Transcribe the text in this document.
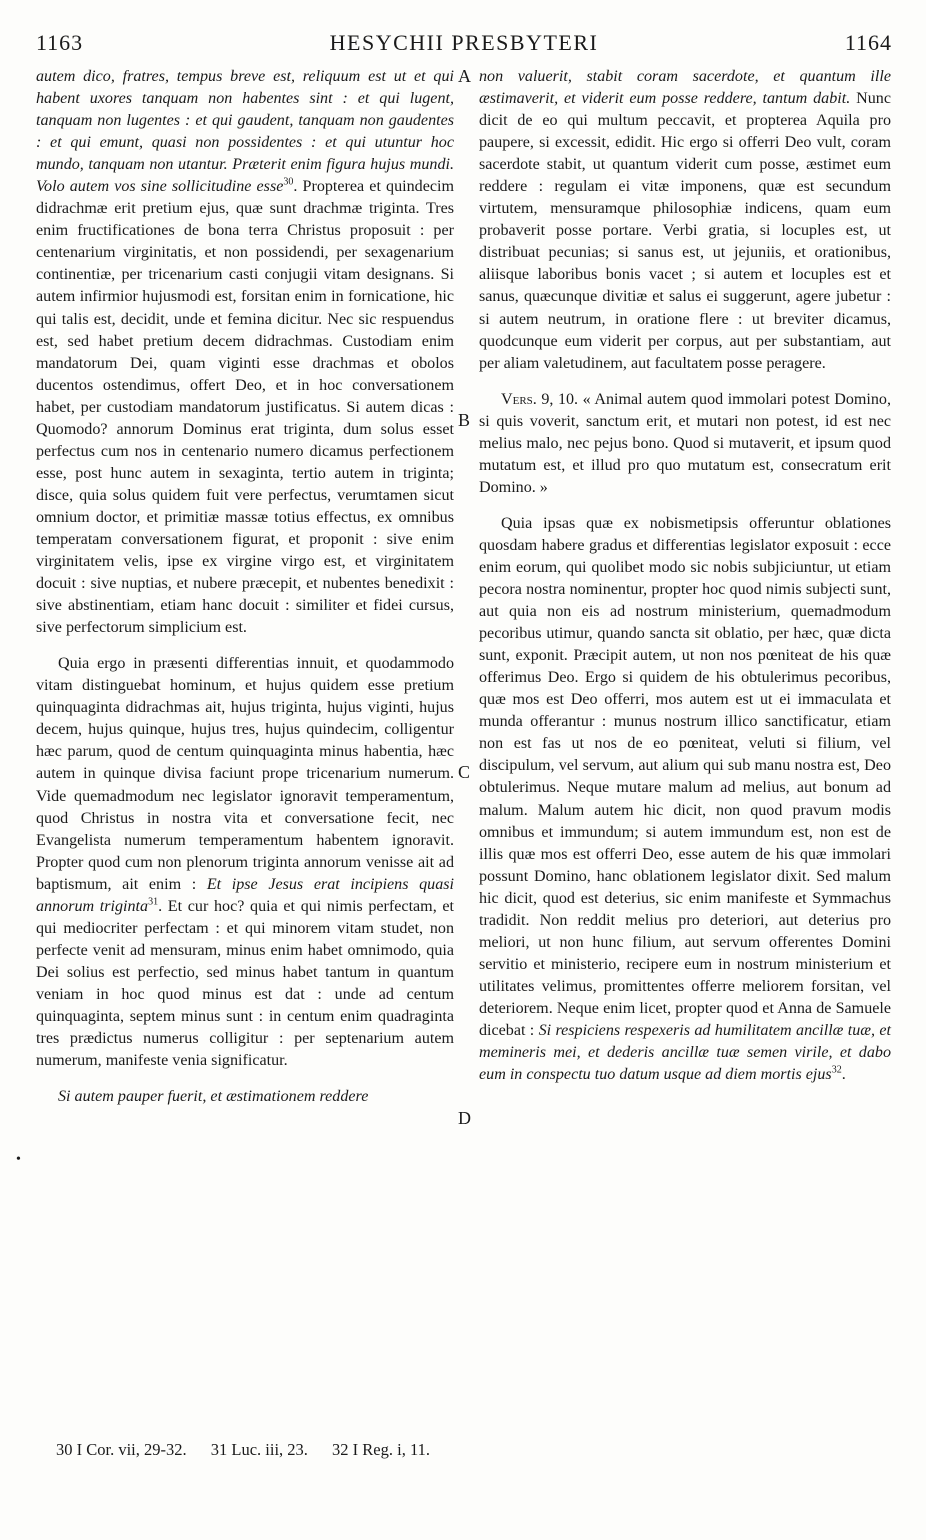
1163	HESYCHII PRESBYTERI	1164

autem dico, fratres, tempus breve est, reliquum est ut et qui habent uxores tanquam non habentes sint : et qui lugent, tanquam non lugentes : et qui gaudent, tanquam non gaudentes : et qui emunt, quasi non possidentes : et qui utuntur hoc mundo, tanquam non utantur. Præterit enim figura hujus mundi. Volo autem vos sine sollicitudine esse$^{30}$. Propterea et quindecim didrachmæ erit pretium ejus, quæ sunt drachmæ triginta. Tres enim fructificationes de bona terra Christus proposuit : per centenarium virginitatis, et non possidendi, per sexagenarium continentiæ, per tricenarium casti conjugii vitam designans. Si autem infirmior hujusmodi est, forsitan enim in fornicatione, hic qui talis est, decidit, unde et femina dicitur. Nec sic respuendus est, sed habet pretium decem didrachmas. Custodiam enim mandatorum Dei, quam viginti esse drachmas et obolos ducentos ostendimus, offert Deo, et in hoc conversationem habet, per custodiam mandatorum justificatus. Si autem dicas : Quomodo? annorum Dominus erat triginta, dum solus esset perfectus cum nos in centenario numero dicamus perfectionem esse, post hunc autem in sexaginta, tertio autem in triginta; disce, quia solus quidem fuit vere perfectus, verumtamen sicut omnium doctor, et primitiæ massæ totius effectus, ex omnibus temperatam conversationem figurat, et proponit : sive enim virginitatem velis, ipse ex virgine virgo est, et virginitatem docuit : sive nuptias, et nubere præcepit, et nubentes benedixit : sive abstinentiam, etiam hanc docuit : similiter et fidei cursus, sive perfectorum simplicium est.

Quia ergo in præsenti differentias innuit, et quodammodo vitam distinguebat hominum, et hujus quidem esse pretium quinquaginta didrachmas ait, hujus triginta, hujus viginti, hujus decem, hujus quinque, hujus tres, hujus quindecim, colligentur hæc parum, quod de centum quinquaginta minus habentia, hæc autem in quinque divisa faciunt prope tricenarium numerum. Vide quemadmodum nec legislator ignoravit temperamentum, quod Christus in nostra vita et conversatione fecit, nec Evangelista numerum temperamentum habentem ignoravit. Propter quod cum non plenorum triginta annorum venisse ait ad baptismum, ait enim : Et ipse Jesus erat incipiens quasi annorum triginta$^{31}$. Et cur hoc? quia et qui nimis perfectam, et qui mediocriter perfectam : et qui minorem vitam studet, non perfecte venit ad mensuram, minus enim habet omnimodo, quia Dei solius est perfectio, sed minus habet tantum in quantum veniam in hoc quod minus est dat : unde ad centum quinquaginta, septem minus sunt : in centum enim quadraginta tres prædictus numerus colligitur : per septenarium autem numerum, manifeste venia significatur.

Si autem pauper fuerit, et æstimationem reddere

non valuerit, stabit coram sacerdote, et quantum ille æstimaverit, et viderit eum posse reddere, tantum dabit. Nunc dicit de eo qui multum peccavit, et propterea Aquila pro paupere, si excessit, edidit. Hic ergo si offerri Deo vult, coram sacerdote stabit, ut quantum viderit cum posse, æstimet eum reddere : regulam ei vitæ imponens, quæ est secundum virtutem, mensuramque philosophiæ indicens, quam eum probaverit posse portare. Verbi gratia, si locuples est, ut distribuat pecunias; si sanus est, ut jejuniis, et orationibus, aliisque laboribus bonis vacet ; si autem et locuples est et sanus, quæcunque divitiæ et salus ei suggerunt, agere jubetur : si autem neutrum, in oratione flere : ut breviter dicamus, quodcunque eum viderit per corpus, aut per substantiam, aut per aliam valetudinem, aut facultatem posse peragere.

Vers. 9, 10. « Animal autem quod immolari potest Domino, si quis voverit, sanctum erit, et mutari non potest, id est nec melius malo, nec pejus bono. Quod si mutaverit, et ipsum quod mutatum est, et illud pro quo mutatum est, consecratum erit Domino. »

Quia ipsas quæ ex nobismetipsis offeruntur oblationes quosdam habere gradus et differentias legislator exposuit : ecce enim eorum, qui quolibet modo sic nobis subjiciuntur, ut etiam pecora nostra nominentur, propter hoc quod nimis subjecti sunt, aut quia non eis ad nostrum ministerium, quemadmodum pecoribus utimur, quando sancta sit oblatio, per hæc, quæ dicta sunt, exponit. Præcipit autem, ut non nos pœniteat de his quæ offerimus Deo. Ergo si quidem de his obtulerimus pecoribus, quæ mos est Deo offerri, mos autem est ut ei immaculata et munda offerantur : munus nostrum illico sanctificatur, etiam non est fas ut nos de eo pœniteat, veluti si filium, vel discipulum, vel servum, aut alium qui sub manu nostra est, Deo obtulerimus. Neque mutare malum ad melius, aut bonum ad malum. Malum autem hic dicit, non quod pravum modis omnibus et immundum; si autem immundum est, non est de illis quæ mos est offerri Deo, esse autem de his quæ immolari possunt Domino, hanc oblationem legislator dixit. Sed malum hic dicit, quod est deterius, sic enim manifeste et Symmachus tradidit. Non reddit melius pro deteriori, aut deterius pro meliori, ut non hunc filium, aut servum offerentes Domini servitio et ministerio, recipere eum in nostrum ministerium et utilitates velimus, promittentes offerre meliorem forsitan, vel deteriorem. Neque enim licet, propter quod et Anna de Samuele dicebat : Si respiciens respexeris ad humilitatem ancillæ tuæ, et memineris mei, et dederis ancillæ tuæ semen virile, et dabo eum in conspectu tuo datum usque ad diem mortis ejus$^{32}$.

A
B
C
D
•
30 I Cor. vii, 29-32. 31 Luc. iii, 23. 32 I Reg. i, 11.
